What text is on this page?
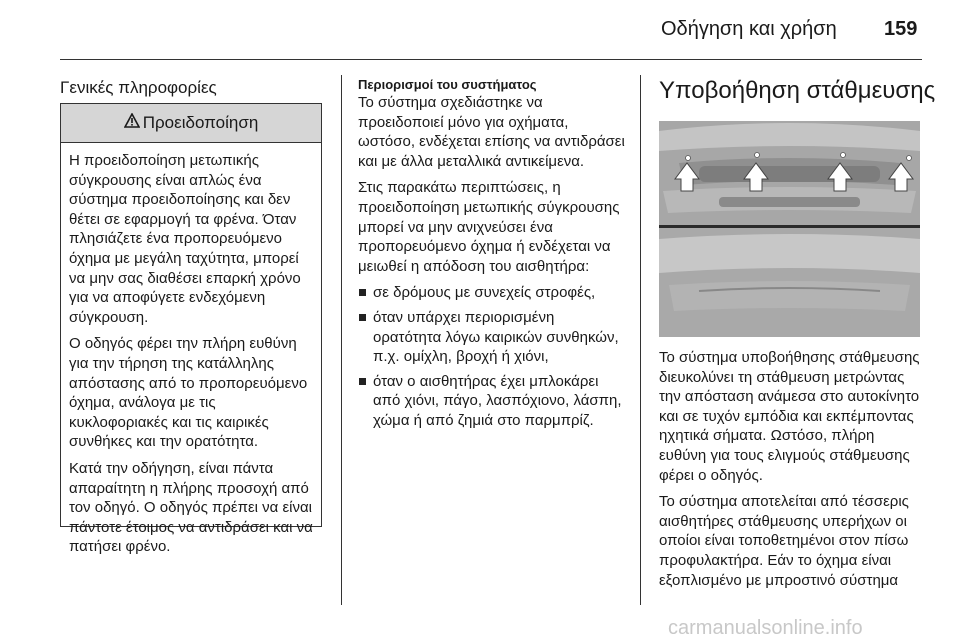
Οδήγηση και χρήση 159
Γενικές πληροφορίες
Προειδοποίηση

Η προειδοποίηση μετωπικής σύγκρουσης είναι απλώς ένα σύστημα προειδοποίησης και δεν θέτει σε εφαρμογή τα φρένα. Όταν πλησιάζετε ένα προπορευόμενο όχημα με μεγάλη ταχύτητα, μπορεί να μην σας διαθέσει επαρκή χρόνο για να αποφύγετε ενδεχόμενη σύγκρουση.

Ο οδηγός φέρει την πλήρη ευθύνη για την τήρηση της κατάλληλης απόστασης από το προπορευόμενο όχημα, ανάλογα με τις κυκλοφοριακές και τις καιρικές συνθήκες και την ορατότητα.

Κατά την οδήγηση, είναι πάντα απαραίτητη η πλήρης προσοχή από τον οδηγό. Ο οδηγός πρέπει να είναι πάντοτε έτοιμος να αντιδράσει και να πατήσει φρένο.

Περιορισμοί του συστήματος

Το σύστημα σχεδιάστηκε να προειδοποιεί μόνο για οχήματα, ωστόσο, ενδέχεται επίσης να αντιδράσει και με άλλα μεταλλικά αντικείμενα.

Στις παρακάτω περιπτώσεις, η προειδοποίηση μετωπικής σύγκρουσης μπορεί να μην ανιχνεύσει ένα προπορευόμενο όχημα ή ενδέχεται να μειωθεί η απόδοση του αισθητήρα:

σε δρόμους με συνεχείς στροφές,
όταν υπάρχει περιορισμένη ορατότητα λόγω καιρικών συνθηκών, π.χ. ομίχλη, βροχή ή χιόνι,
όταν ο αισθητήρας έχει μπλοκάρει από χιόνι, πάγο, λασπόχιονο, λάσπη, χώμα ή από ζημιά στο παρμπρίζ.
Υποβοήθηση στάθμευσης

Το σύστημα υποβοήθησης στάθμευσης διευκολύνει τη στάθμευση μετρώντας την απόσταση ανάμεσα στο αυτοκίνητο και σε τυχόν εμπόδια και εκπέμποντας ηχητικά σήματα. Ωστόσο, πλήρη ευθύνη για τους ελιγμούς στάθμευσης φέρει ο οδηγός.

Το σύστημα αποτελείται από τέσσερις αισθητήρες στάθμευσης υπερήχων οι οποίοι είναι τοποθετημένοι στον πίσω προφυλακτήρα. Εάν το όχημα είναι εξοπλισμένο με μπροστινό σύστημα

carmanualsonline.info
